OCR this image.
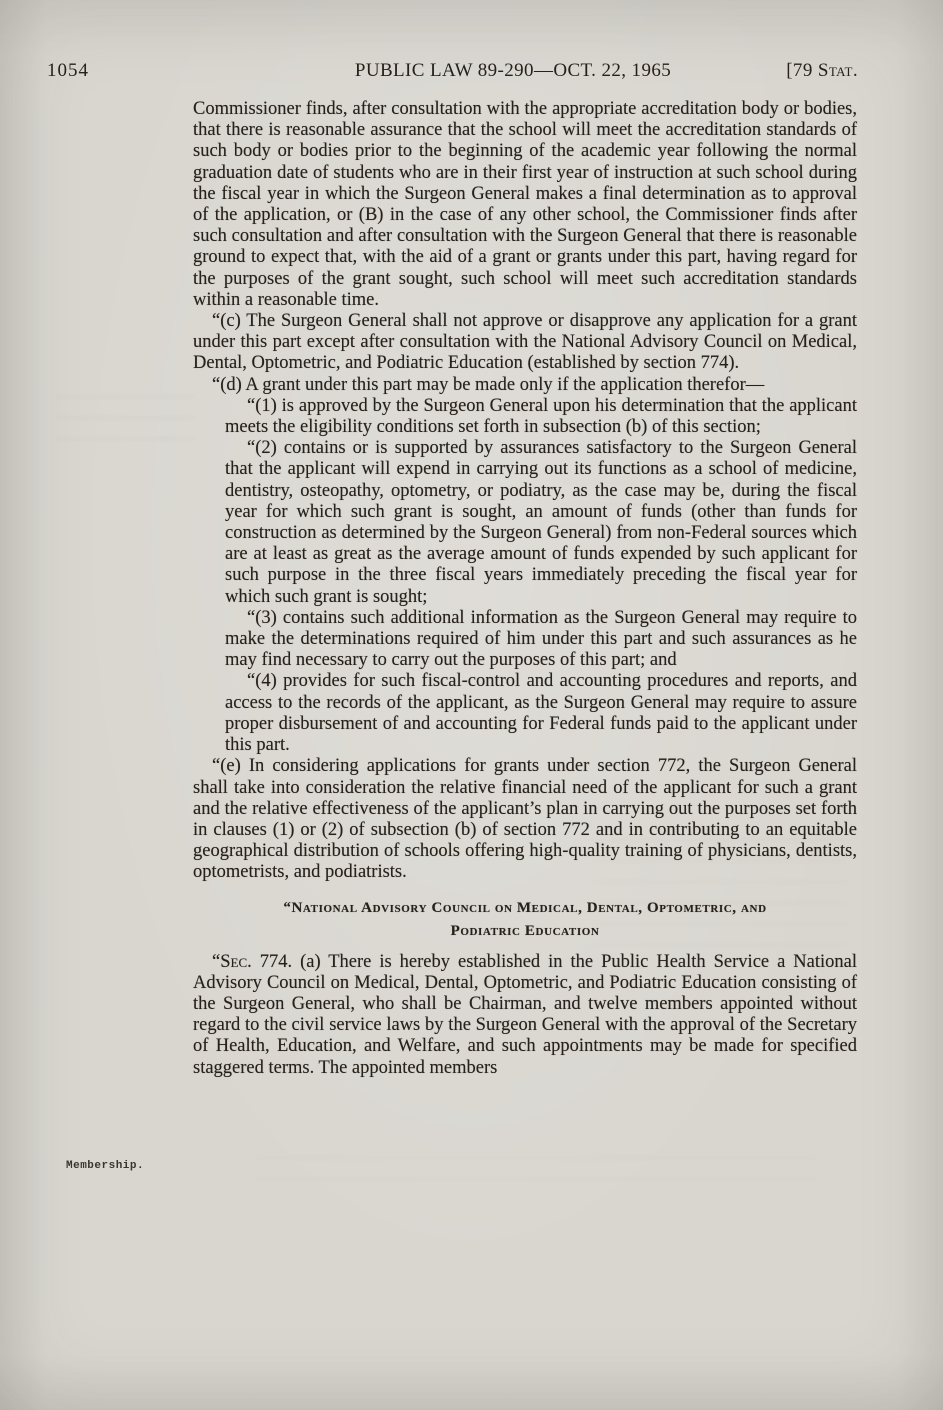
1054	PUBLIC LAW 89-290—OCT. 22, 1965	[79 Stat.
Membership.

Commissioner finds, after consultation with the appropriate accreditation body or bodies, that there is reasonable assurance that the school will meet the accreditation standards of such body or bodies prior to the beginning of the academic year following the normal graduation date of students who are in their first year of instruction at such school during the fiscal year in which the Surgeon General makes a final determination as to approval of the application, or (B) in the case of any other school, the Commissioner finds after such consultation and after consultation with the Surgeon General that there is reasonable ground to expect that, with the aid of a grant or grants under this part, having regard for the purposes of the grant sought, such school will meet such accreditation standards within a reasonable time.

“(c) The Surgeon General shall not approve or disapprove any application for a grant under this part except after consultation with the National Advisory Council on Medical, Dental, Optometric, and Podiatric Education (established by section 774).

“(d) A grant under this part may be made only if the application therefor—

“(1) is approved by the Surgeon General upon his determination that the applicant meets the eligibility conditions set forth in subsection (b) of this section;

“(2) contains or is supported by assurances satisfactory to the Surgeon General that the applicant will expend in carrying out its functions as a school of medicine, dentistry, osteopathy, optometry, or podiatry, as the case may be, during the fiscal year for which such grant is sought, an amount of funds (other than funds for construction as determined by the Surgeon General) from non-Federal sources which are at least as great as the average amount of funds expended by such applicant for such purpose in the three fiscal years immediately preceding the fiscal year for which such grant is sought;

“(3) contains such additional information as the Surgeon General may require to make the determinations required of him under this part and such assurances as he may find necessary to carry out the purposes of this part; and

“(4) provides for such fiscal-control and accounting procedures and reports, and access to the records of the applicant, as the Surgeon General may require to assure proper disbursement of and accounting for Federal funds paid to the applicant under this part.

“(e) In considering applications for grants under section 772, the Surgeon General shall take into consideration the relative financial need of the applicant for such a grant and the relative effectiveness of the applicant’s plan in carrying out the purposes set forth in clauses (1) or (2) of subsection (b) of section 772 and in contributing to an equitable geographical distribution of schools offering high-quality training of physicians, dentists, optometrists, and podiatrists.

“National Advisory Council on Medical, Dental, Optometric, and
Podiatric Education

“Sec. 774. (a) There is hereby established in the Public Health Service a National Advisory Council on Medical, Dental, Optometric, and Podiatric Education consisting of the Surgeon General, who shall be Chairman, and twelve members appointed without regard to the civil service laws by the Surgeon General with the approval of the Secretary of Health, Education, and Welfare, and such appointments may be made for specified staggered terms. The appointed members
